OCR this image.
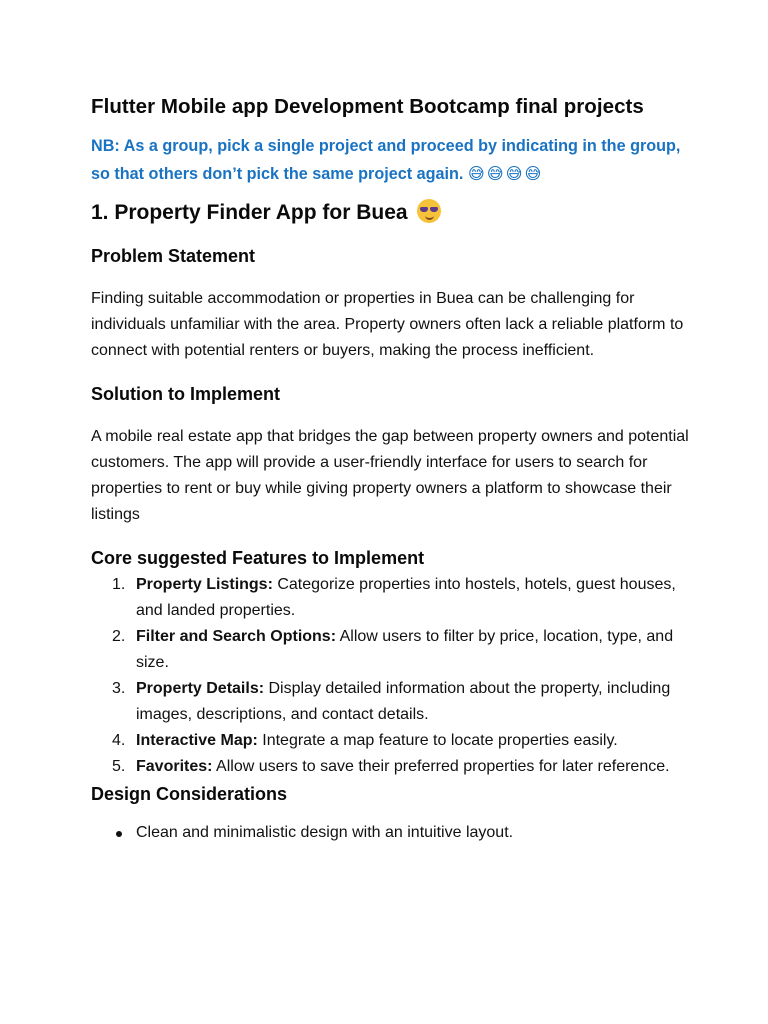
Flutter Mobile app Development Bootcamp final projects

NB: As a group, pick a single project and proceed by indicating in the group, so that others don’t pick the same project again. 😅😅😅😅

1. Property Finder App for Buea
Problem Statement

Finding suitable accommodation or properties in Buea can be challenging for individuals unfamiliar with the area. Property owners often lack a reliable platform to connect with potential renters or buyers, making the process inefficient.

Solution to Implement

A mobile real estate app that bridges the gap between property owners and potential customers. The app will provide a user-friendly interface for users to search for properties to rent or buy while giving property owners a platform to showcase their listings

Core suggested Features to Implement
1. Property Listings: Categorize properties into hostels, hotels, guest houses, and landed properties.
2. Filter and Search Options: Allow users to filter by price, location, type, and size.
3. Property Details: Display detailed information about the property, including images, descriptions, and contact details.
4. Interactive Map: Integrate a map feature to locate properties easily.
5. Favorites: Allow users to save their preferred properties for later reference.
Design Considerations
Clean and minimalistic design with an intuitive layout.
